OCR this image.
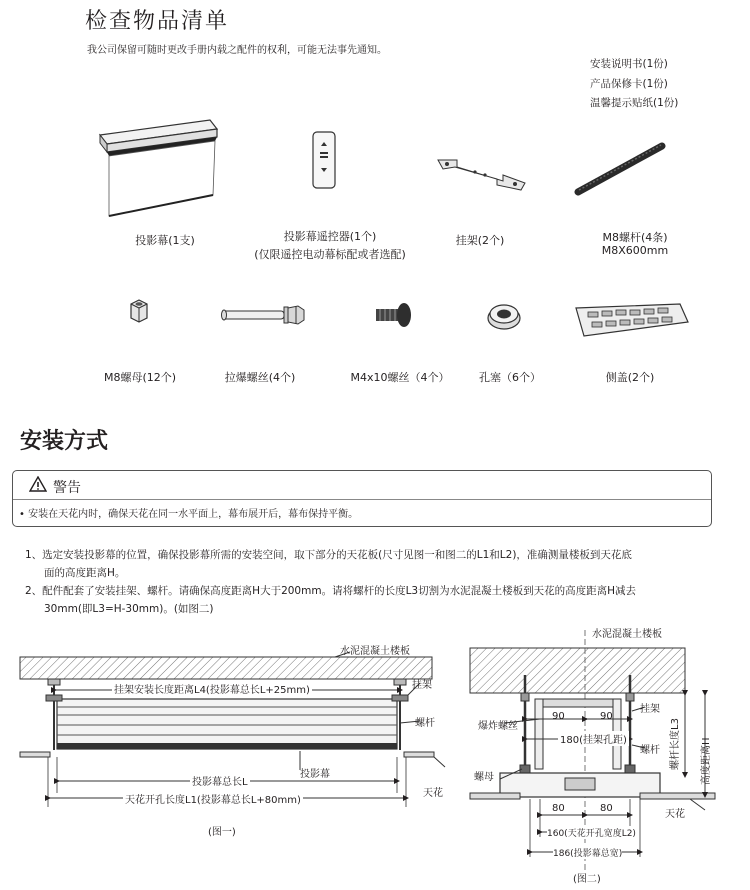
检查物品清单
我公司保留可随时更改手册内载之配件的权利，可能无法事先通知。
安装说明书(1份)
产品保修卡(1份)
温馨提示贴纸(1份)
投影幕(1支)	投影幕遥控器(1个)
(仅限遥控电动幕标配或者选配)
挂架(2个)	M8螺杆(4条)
M8X600mm
M8螺母(12个)	拉爆螺丝(4个)	M4x10螺丝（4个）	孔塞（6个）	侧盖(2个)
安装方式
警告
• 安装在天花内时，确保天花在同一水平面上，幕布展开后，幕布保持平衡。
1、选定安装投影幕的位置，确保投影幕所需的安装空间，取下部分的天花板(尺寸见图一和图二的L1和L2)，准确测量楼板到天花底
面的高度距离H。
2、配件配套了安装挂架、螺杆。请确保高度距离H大于200mm。请将螺杆的长度L3切割为水泥混凝土楼板到天花的高度距离H减去
30mm(即L3=H-30mm)。(如图二)
水泥混凝土楼板
挂架安装长度距离L4(投影幕总长L+25mm)	挂架
螺杆
投影幕
投影幕总长L
天花
天花开孔长度L1(投影幕总长L+80mm)
(图一)
水泥混凝土楼板
挂架
爆炸螺丝
螺杆
螺母
天花
螺杆长度L3	高度距离H
90	90
180(挂架孔距)
80	80
160(天花开孔宽度L2)
186(投影幕总宽)
(图二)
